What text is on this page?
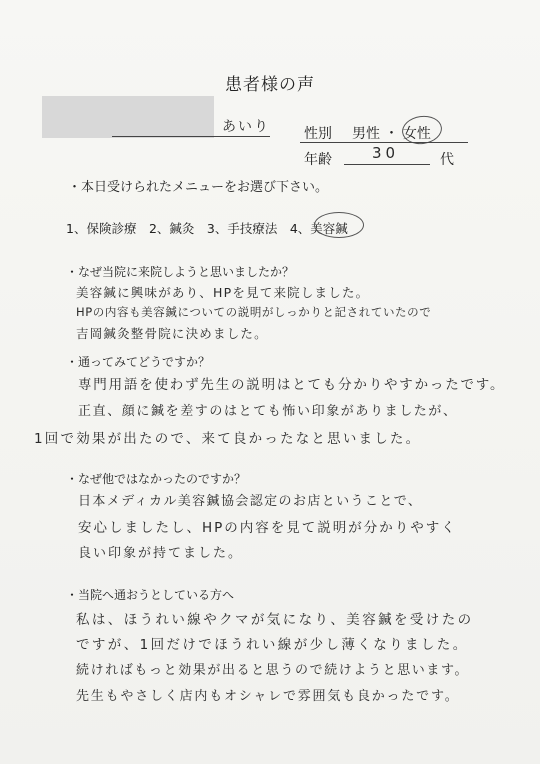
患者様の声
あいり 性別 男性 ・ 女性
年齢	30	代
・本日受けられたメニューをお選び下さい。
1、保険診療　2、鍼灸　3、手技療法　4、美容鍼
・なぜ当院に来院しようと思いましたか？
美容鍼に興味があり、HPを見て来院しました。
HPの内容も美容鍼についての説明がしっかりと記されていたので
吉岡鍼灸整骨院に決めました。
・通ってみてどうですか？
専門用語を使わず先生の説明はとても分かりやすかったです。
正直、顔に鍼を差すのはとても怖い印象がありましたが、
1回で効果が出たので、来て良かったなと思いました。
・なぜ他ではなかったのですか？
日本メディカル美容鍼協会認定のお店ということで、
安心しましたし、HPの内容を見て説明が分かりやすく
良い印象が持てました。
・当院へ通おうとしている方へ
私は、ほうれい線やクマが気になり、美容鍼を受けたの
ですが、1回だけでほうれい線が少し薄くなりました。
続ければもっと効果が出ると思うので続けようと思います。
先生もやさしく店内もオシャレで雰囲気も良かったです。
